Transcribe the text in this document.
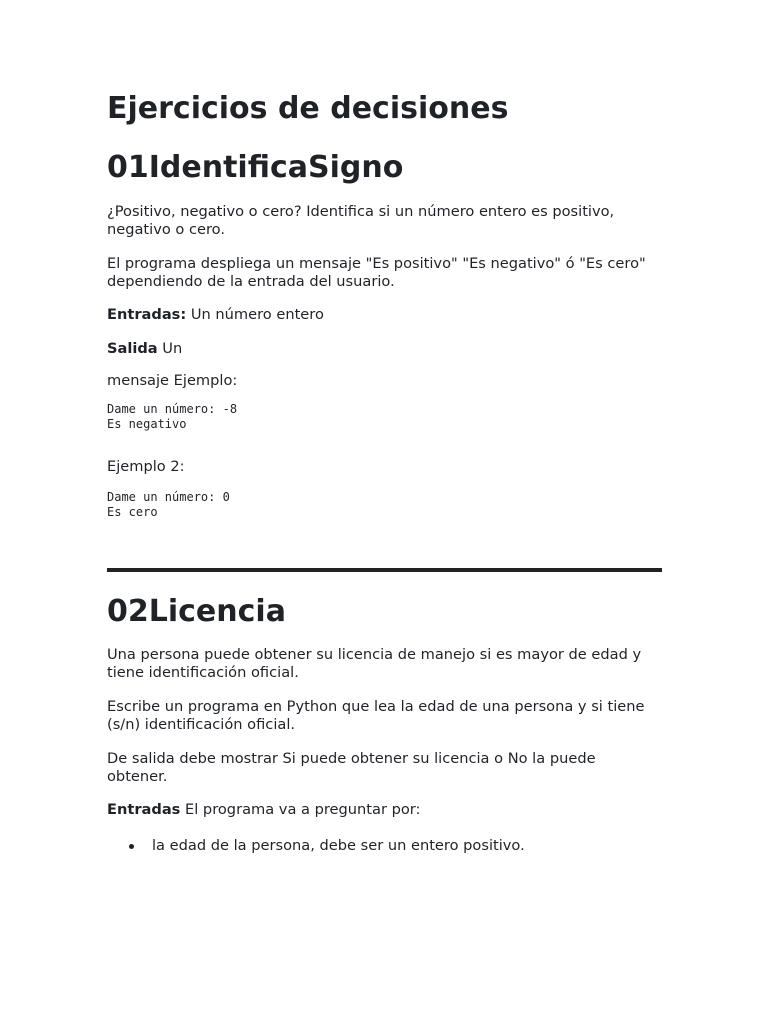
Ejercicios de decisiones
01IdentificaSigno

¿Positivo, negativo o cero? Identifica si un número entero es positivo, negativo o cero.

El programa despliega un mensaje "Es positivo" "Es negativo" ó "Es cero" dependiendo de la entrada del usuario.

Entradas: Un número entero

Salida Un

mensaje Ejemplo:

Dame un número: -8
Es negativo

Ejemplo 2:

Dame un número: 0
Es cero
02Licencia

Una persona puede obtener su licencia de manejo si es mayor de edad y tiene identificación oficial.

Escribe un programa en Python que lea la edad de una persona y si tiene (s/n) identificación oficial.

De salida debe mostrar Si puede obtener su licencia o No la puede obtener.

Entradas El programa va a preguntar por:

la edad de la persona, debe ser un entero positivo.
